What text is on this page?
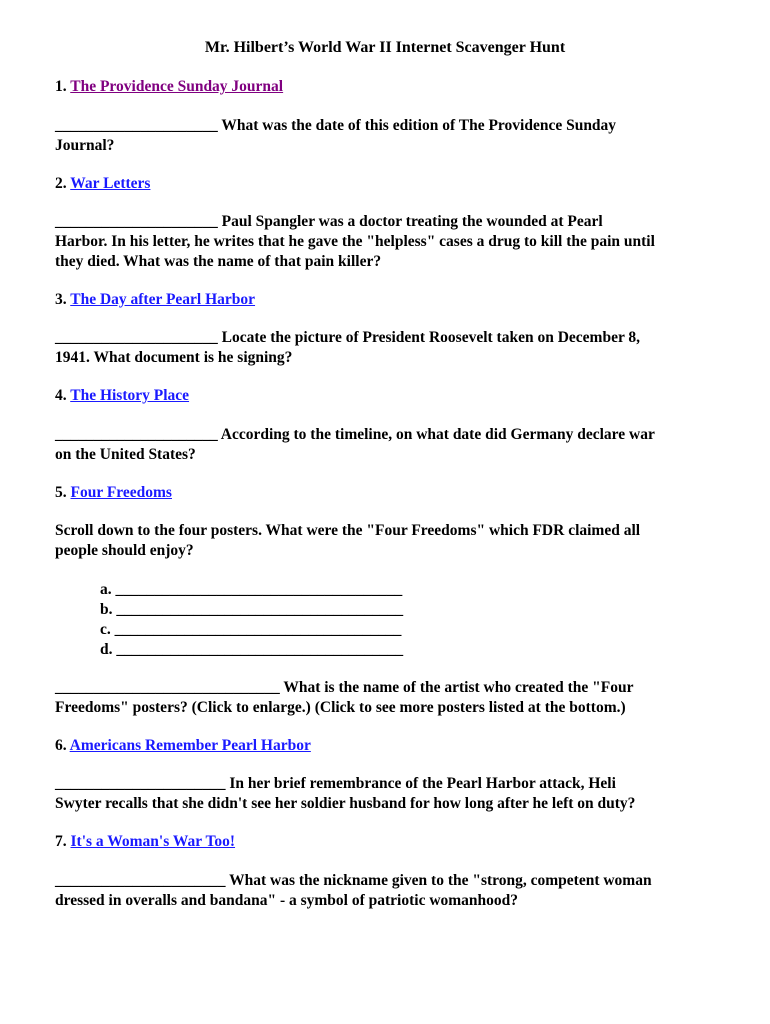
Mr. Hilbert’s World War II Internet Scavenger Hunt
1. The Providence Sunday Journal
_____________________ What was the date of this edition of The Providence Sunday
Journal?
2. War Letters
_____________________ Paul Spangler was a doctor treating the wounded at Pearl
Harbor. In his letter, he writes that he gave the "helpless" cases a drug to kill the pain until
they died. What was the name of that pain killer?
3. The Day after Pearl Harbor
_____________________ Locate the picture of President Roosevelt taken on December 8,
1941. What document is he signing?
4. The History Place
_____________________ According to the timeline, on what date did Germany declare war
on the United States?
5. Four Freedoms
Scroll down to the four posters. What were the "Four Freedoms" which FDR claimed all
people should enjoy?
a. _____________________________________
b. _____________________________________
c. _____________________________________
d. _____________________________________
_____________________________ What is the name of the artist who created the "Four
Freedoms" posters? (Click to enlarge.) (Click to see more posters listed at the bottom.)
6. Americans Remember Pearl Harbor
______________________ In her brief remembrance of the Pearl Harbor attack, Heli
Swyter recalls that she didn't see her soldier husband for how long after he left on duty?
7. It's a Woman's War Too!
______________________ What was the nickname given to the "strong, competent woman
dressed in overalls and bandana" - a symbol of patriotic womanhood?
